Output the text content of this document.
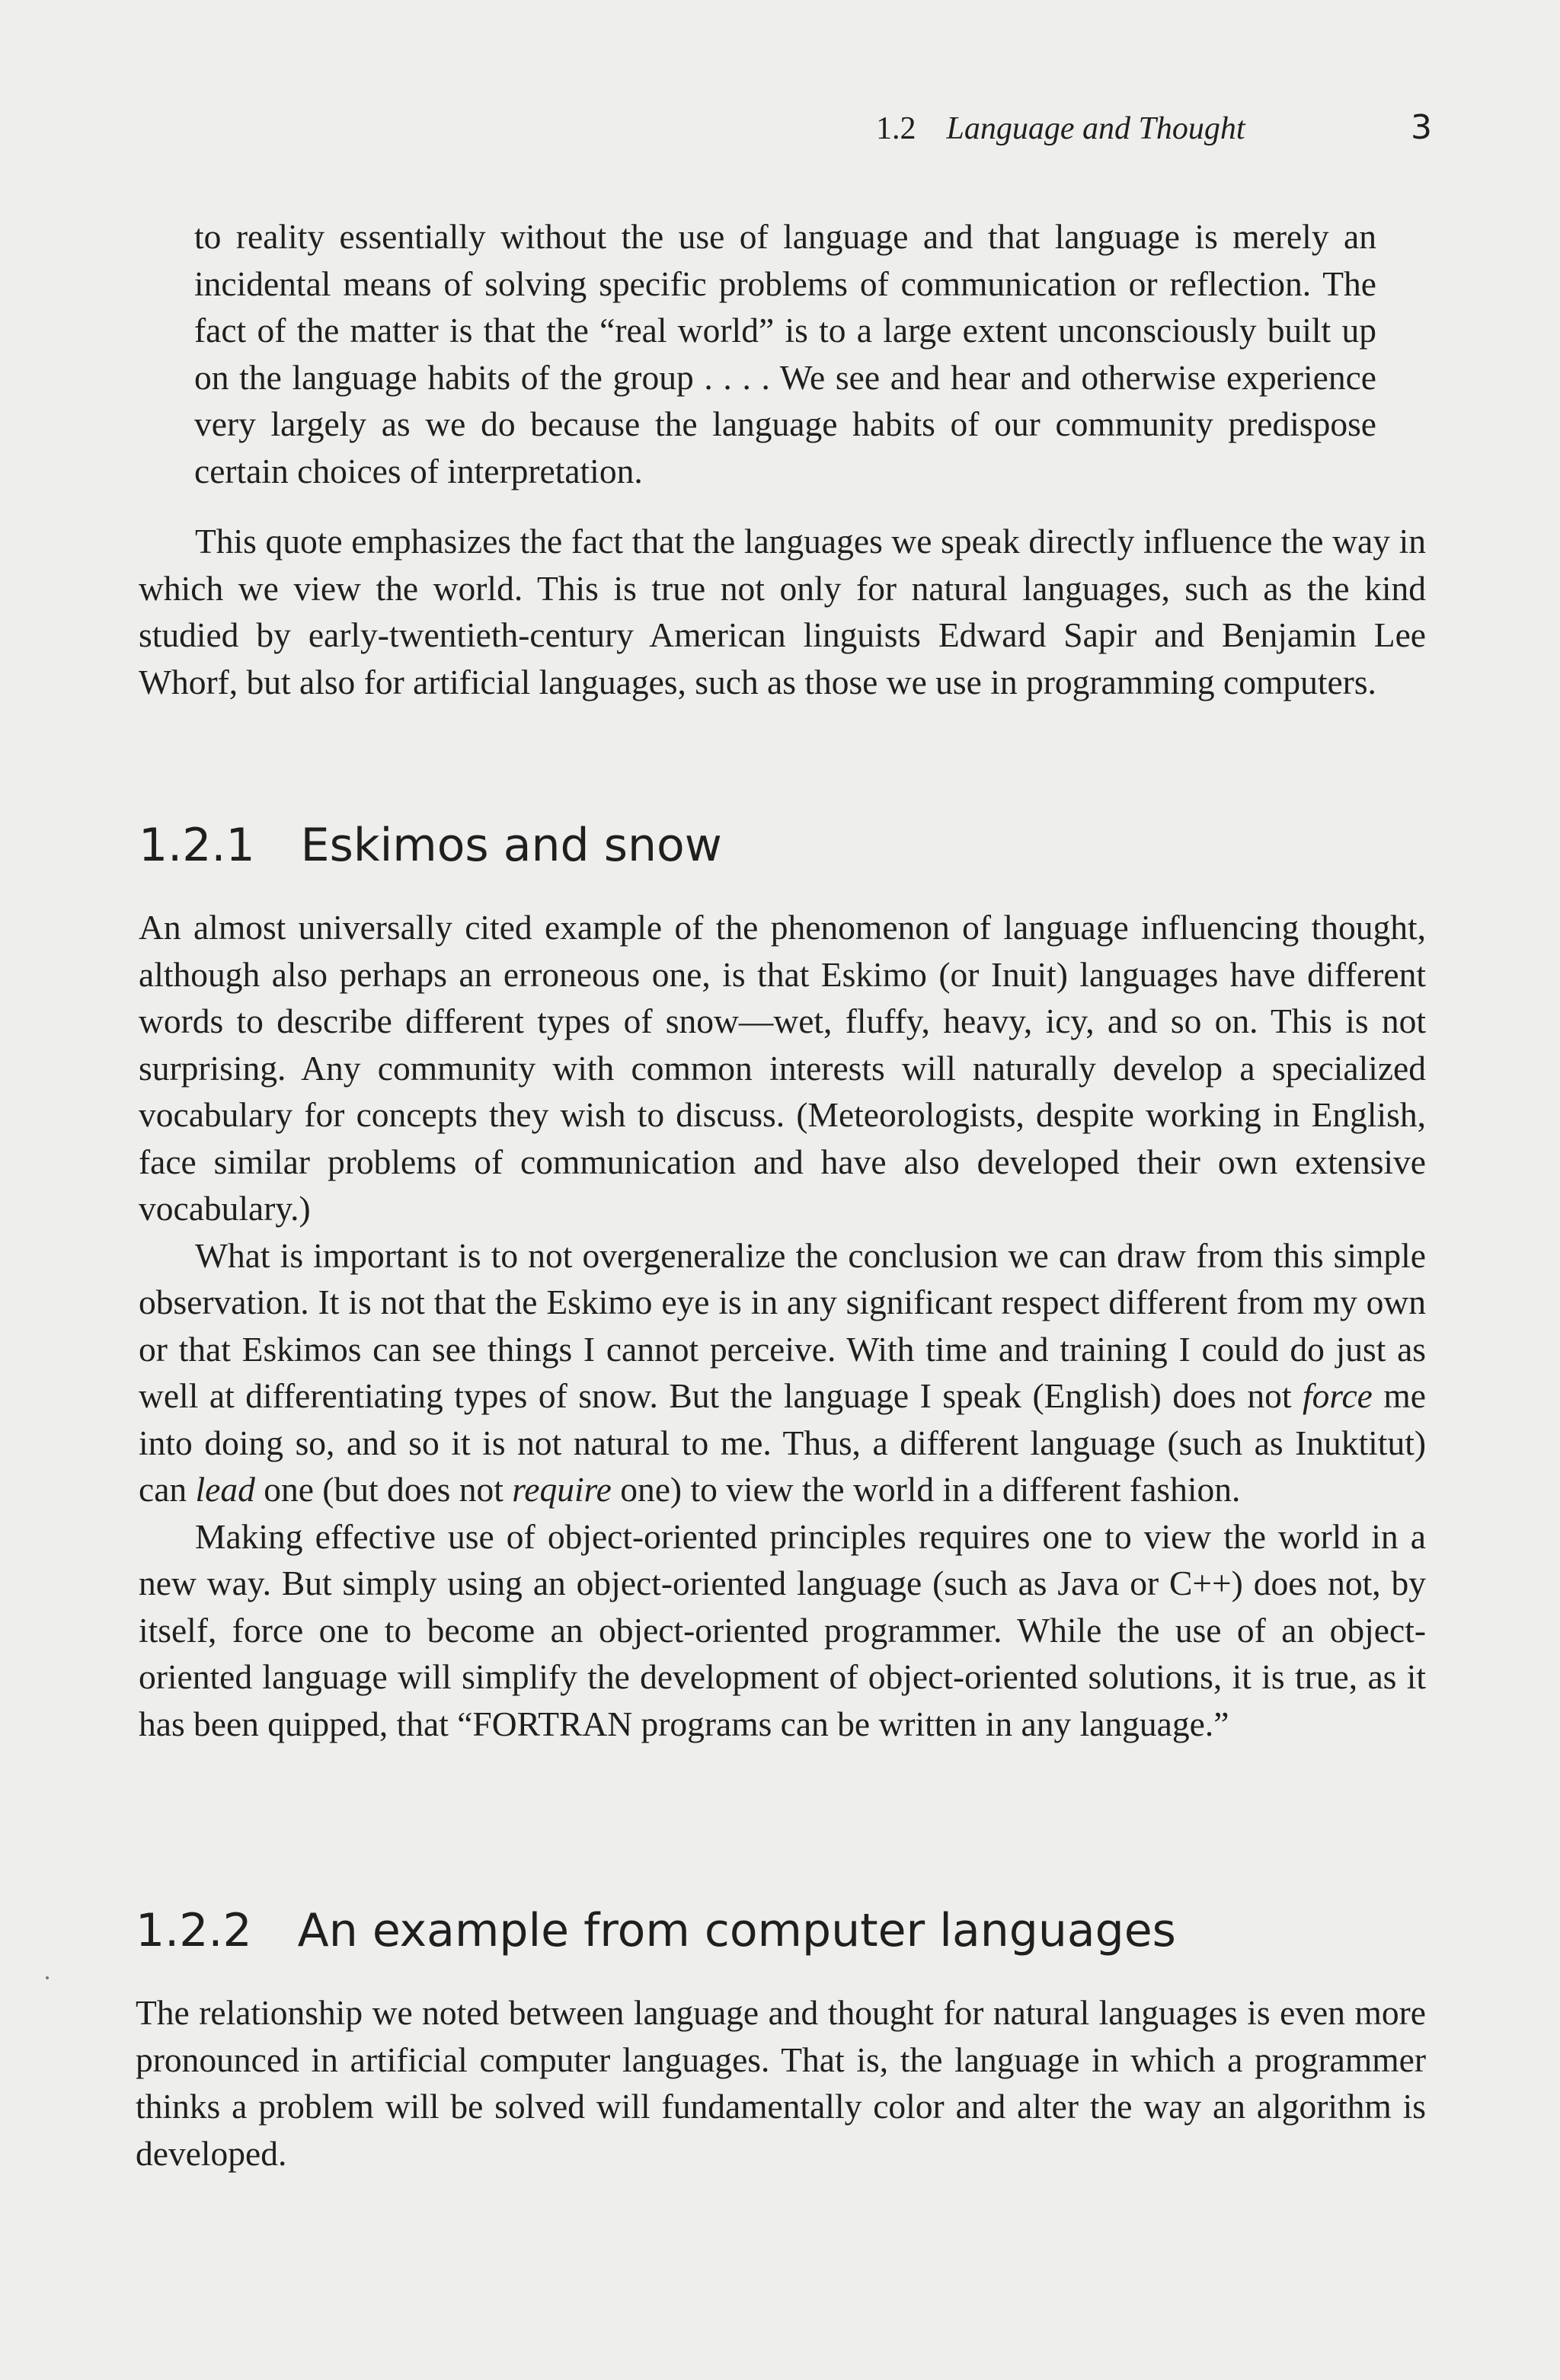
1.2 Language and Thought	3

to reality essentially without the use of language and that language is merely an incidental means of solving specific problems of communication or reflection. The fact of the matter is that the “real world” is to a large extent unconsciously built up on the language habits of the group . . . . We see and hear and otherwise experience very largely as we do because the language habits of our community predispose certain choices of interpretation.

This quote emphasizes the fact that the languages we speak directly influence the way in which we view the world. This is true not only for natural languages, such as the kind studied by early-twentieth-century American linguists Edward Sapir and Benjamin Lee Whorf, but also for artificial languages, such as those we use in programming computers.

1.2.1 Eskimos and snow

An almost universally cited example of the phenomenon of language influencing thought, although also perhaps an erroneous one, is that Eskimo (or Inuit) languages have different words to describe different types of snow—wet, fluffy, heavy, icy, and so on. This is not surprising. Any community with common interests will naturally develop a specialized vocabulary for concepts they wish to discuss. (Meteorologists, despite working in English, face similar problems of communication and have also developed their own extensive vocabulary.)

What is important is to not overgeneralize the conclusion we can draw from this simple observation. It is not that the Eskimo eye is in any significant respect different from my own or that Eskimos can see things I cannot perceive. With time and training I could do just as well at differentiating types of snow. But the language I speak (English) does not force me into doing so, and so it is not natural to me. Thus, a different language (such as Inuktitut) can lead one (but does not require one) to view the world in a different fashion.

Making effective use of object-oriented principles requires one to view the world in a new way. But simply using an object-oriented language (such as Java or C++) does not, by itself, force one to become an object-oriented programmer. While the use of an object-oriented language will simplify the development of object-oriented solutions, it is true, as it has been quipped, that “FORTRAN programs can be written in any language.”

1.2.2 An example from computer languages

The relationship we noted between language and thought for natural languages is even more pronounced in artificial computer languages. That is, the language in which a programmer thinks a problem will be solved will fundamentally color and alter the way an algorithm is developed.
